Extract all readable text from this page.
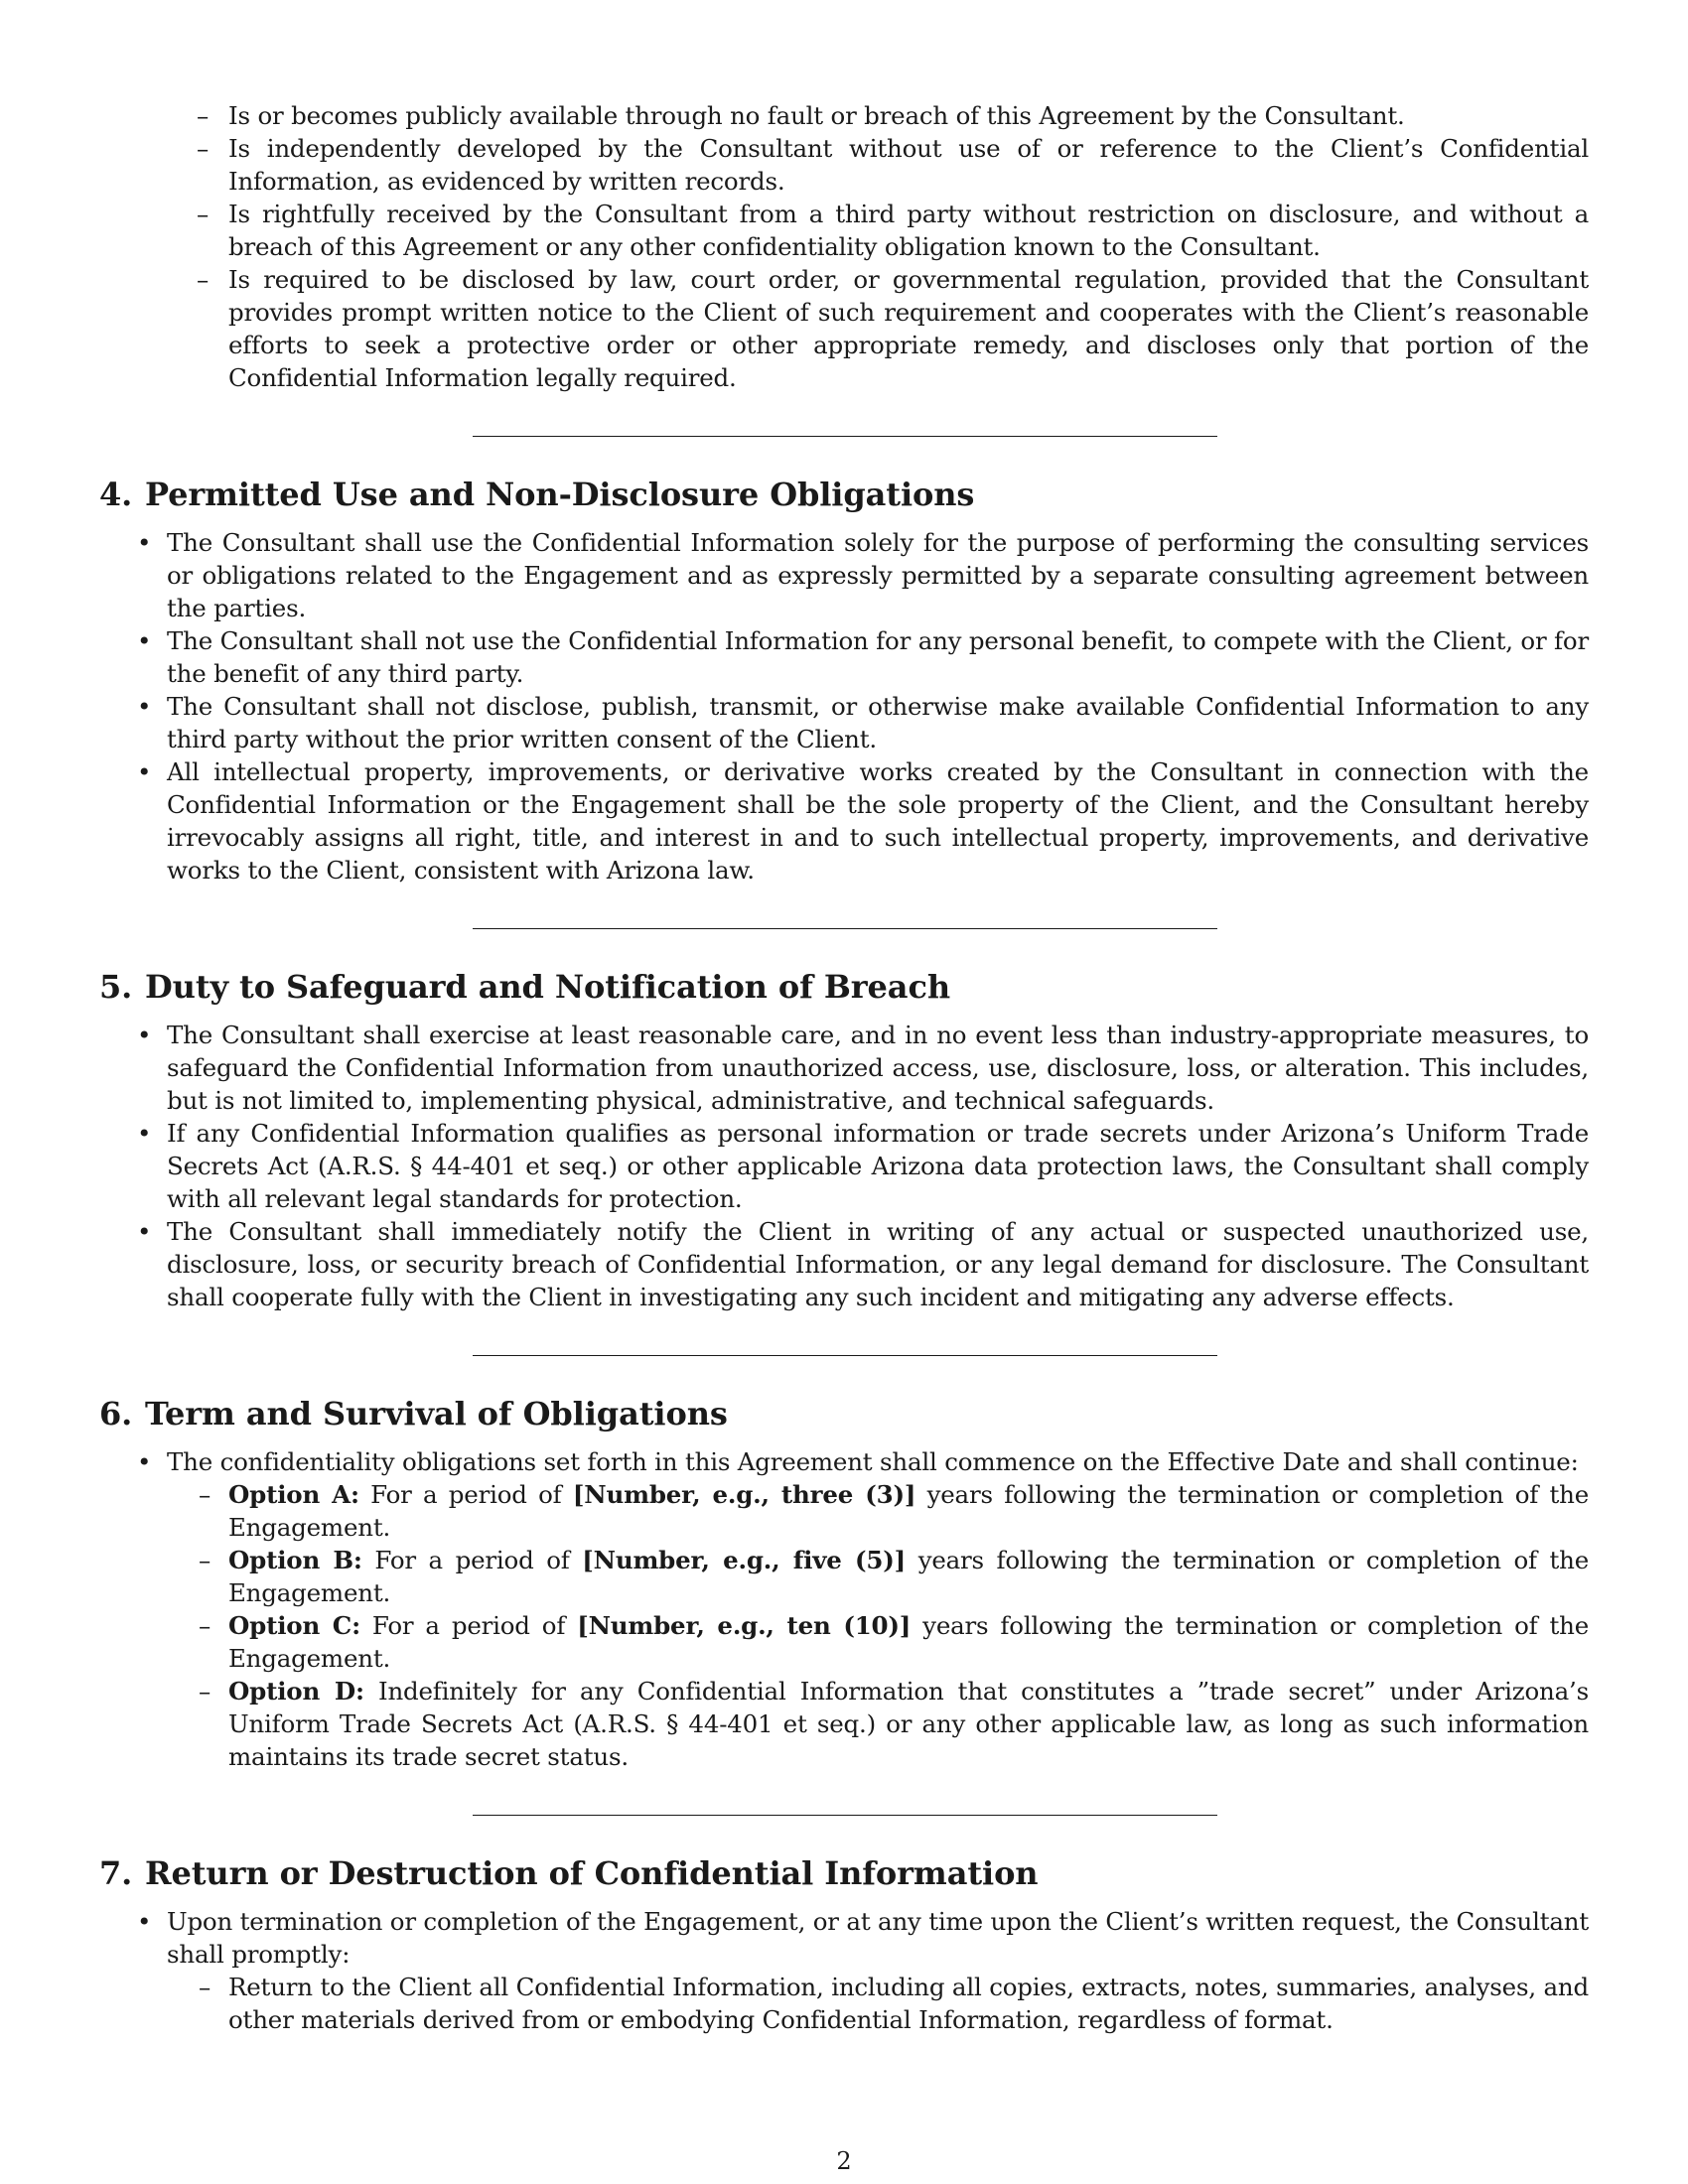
– Is or becomes publicly available through no fault or breach of this Agreement by the Consultant.
– Is independently developed by the Consultant without use of or reference to the Client’s Confidential Information, as evidenced by written records.
– Is rightfully received by the Consultant from a third party without restriction on disclosure, and without a breach of this Agreement or any other confidentiality obligation known to the Consultant.
– Is required to be disclosed by law, court order, or governmental regulation, provided that the Consultant provides prompt written notice to the Client of such requirement and cooperates with the Client’s reasonable efforts to seek a protective order or other appropriate remedy, and discloses only that portion of the Confidential Information legally required.
4. Permitted Use and Non-Disclosure Obligations
• The Consultant shall use the Confidential Information solely for the purpose of performing the consulting services or obligations related to the Engagement and as expressly permitted by a separate consulting agreement between the parties.
• The Consultant shall not use the Confidential Information for any personal benefit, to compete with the Client, or for the benefit of any third party.
• The Consultant shall not disclose, publish, transmit, or otherwise make available Confidential Information to any third party without the prior written consent of the Client.
• All intellectual property, improvements, or derivative works created by the Consultant in connection with the Confidential Information or the Engagement shall be the sole property of the Client, and the Consultant hereby irrevocably assigns all right, title, and interest in and to such intellectual property, improvements, and derivative works to the Client, consistent with Arizona law.
5. Duty to Safeguard and Notification of Breach
• The Consultant shall exercise at least reasonable care, and in no event less than industry-appropriate measures, to safeguard the Confidential Information from unauthorized access, use, disclosure, loss, or alteration. This includes, but is not limited to, implementing physical, administrative, and technical safeguards.
• If any Confidential Information qualifies as personal information or trade secrets under Arizona’s Uniform Trade Secrets Act (A.R.S. § 44-401 et seq.) or other applicable Arizona data protection laws, the Consultant shall comply with all relevant legal standards for protection.
• The Consultant shall immediately notify the Client in writing of any actual or suspected unauthorized use, disclosure, loss, or security breach of Confidential Information, or any legal demand for disclosure. The Consultant shall cooperate fully with the Client in investigating any such incident and mitigating any adverse effects.
6. Term and Survival of Obligations
• The confidentiality obligations set forth in this Agreement shall commence on the Effective Date and shall continue:
– Option A: For a period of [Number, e.g., three (3)] years following the termination or completion of the Engagement.
– Option B: For a period of [Number, e.g., five (5)] years following the termination or completion of the Engagement.
– Option C: For a period of [Number, e.g., ten (10)] years following the termination or completion of the Engagement.
– Option D: Indefinitely for any Confidential Information that constitutes a ”trade secret” under Arizona’s Uniform Trade Secrets Act (A.R.S. § 44-401 et seq.) or any other applicable law, as long as such information maintains its trade secret status.
7. Return or Destruction of Confidential Information
• Upon termination or completion of the Engagement, or at any time upon the Client’s written request, the Consultant shall promptly:
– Return to the Client all Confidential Information, including all copies, extracts, notes, summaries, analyses, and other materials derived from or embodying Confidential Information, regardless of format.
2
